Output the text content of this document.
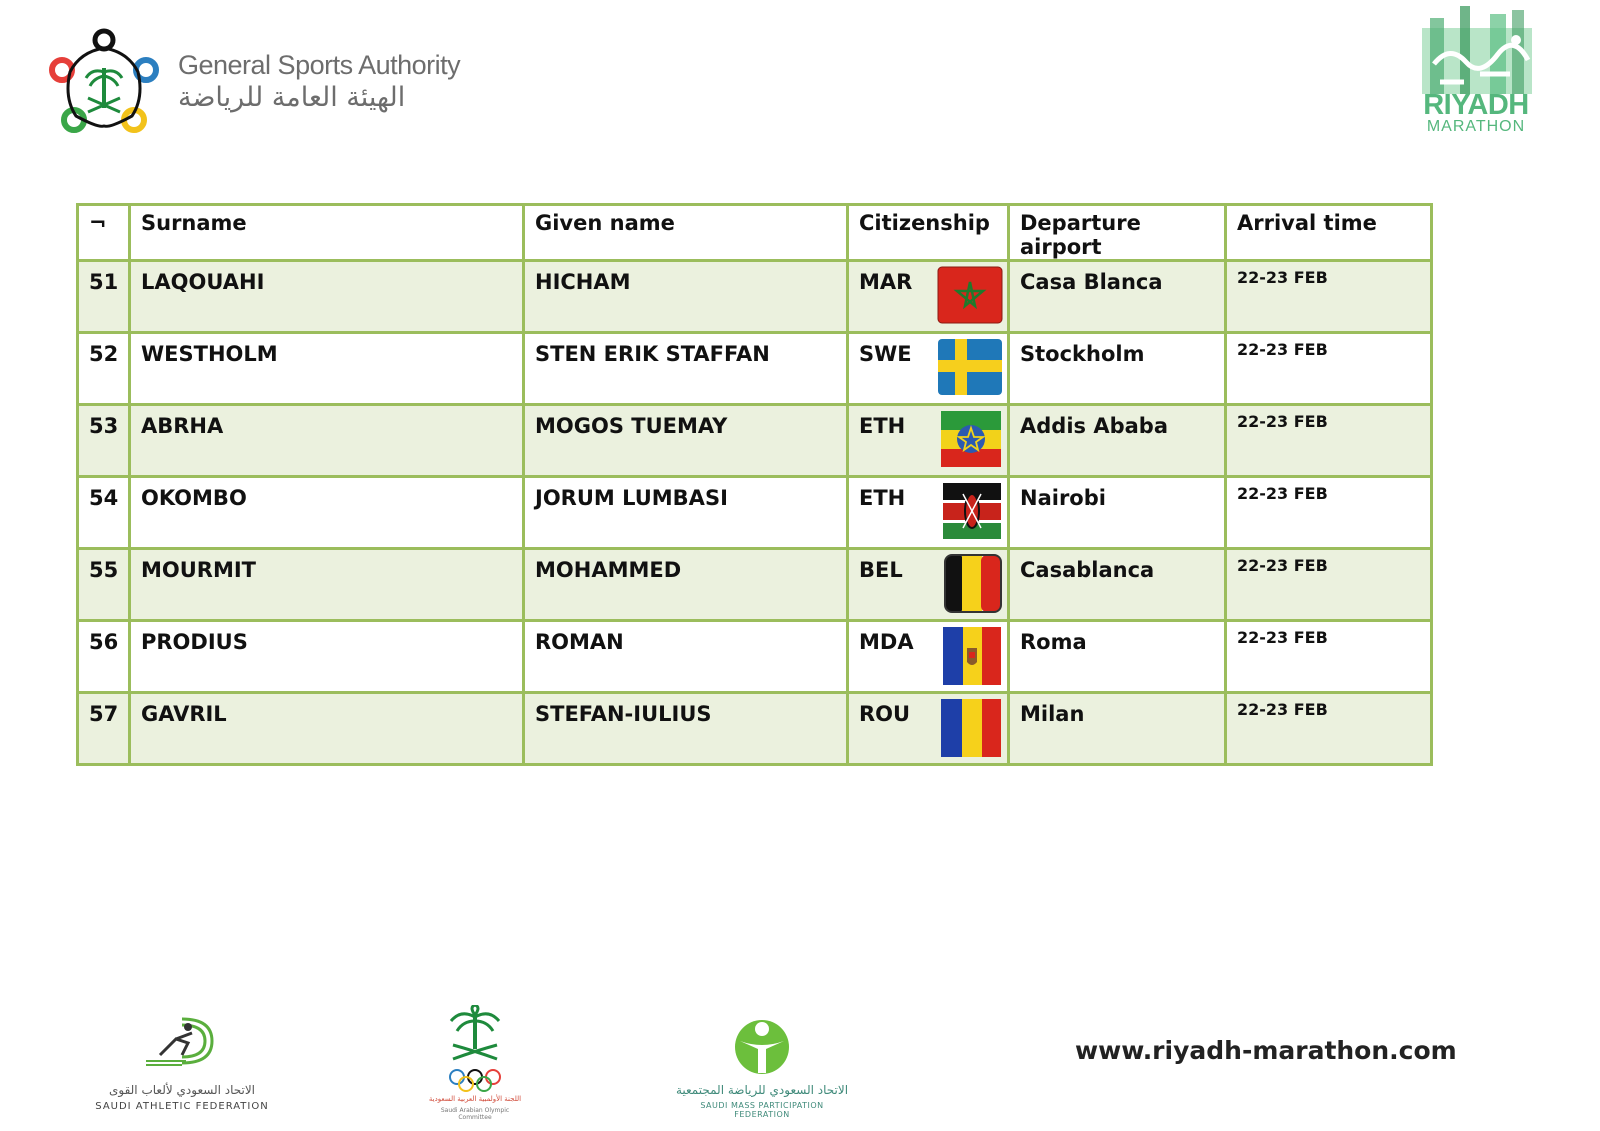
General Sports Authority
الهيئة العامة للرياضة	RIYADH
MARATHON
¬	Surname	Given name	Citizenship	Departure airport	Arrival time
51	LAQOUAHI	HICHAM	MAR	Casa Blanca	22-23 FEB
52	WESTHOLM	STEN ERIK STAFFAN	SWE	Stockholm	22-23 FEB
53	ABRHA	MOGOS TUEMAY	ETH	Addis Ababa	22-23 FEB
54	OKOMBO	JORUM LUMBASI	ETH	Nairobi	22-23 FEB
55	MOURMIT	MOHAMMED	BEL	Casablanca	22-23 FEB
56	PRODIUS	ROMAN	MDA	Roma	22-23 FEB
57	GAVRIL	STEFAN-IULIUS	ROU	Milan	22-23 FEB
الاتحاد السعودي لألعاب القوى
SAUDI ATHLETIC FEDERATION
اللجنة الأولمبية العربية السعودية
Saudi Arabian Olympic Committee
الاتحاد السعودي للرياضة المجتمعية
SAUDI MASS PARTICIPATION FEDERATION
www.riyadh-marathon.com
